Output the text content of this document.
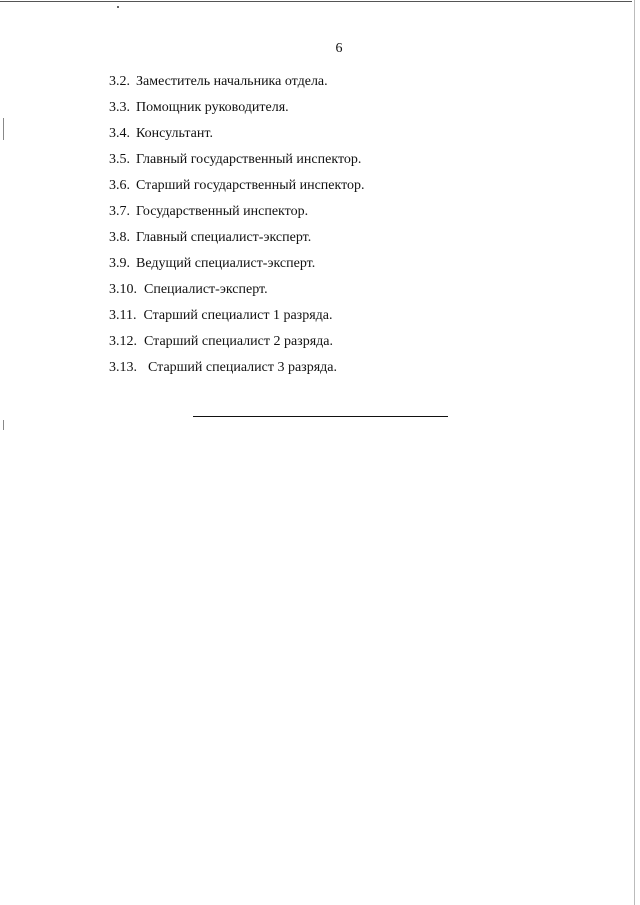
6
3.2. Заместитель начальника отдела.
3.3. Помощник руководителя.
3.4. Консультант.
3.5. Главный государственный инспектор.
3.6. Старший государственный инспектор.
3.7. Государственный инспектор.
3.8. Главный специалист-эксперт.
3.9. Ведущий специалист-эксперт.
3.10. Специалист-эксперт.
3.11. Старший специалист 1 разряда.
3.12. Старший специалист 2 разряда.
3.13. Старший специалист 3 разряда.
